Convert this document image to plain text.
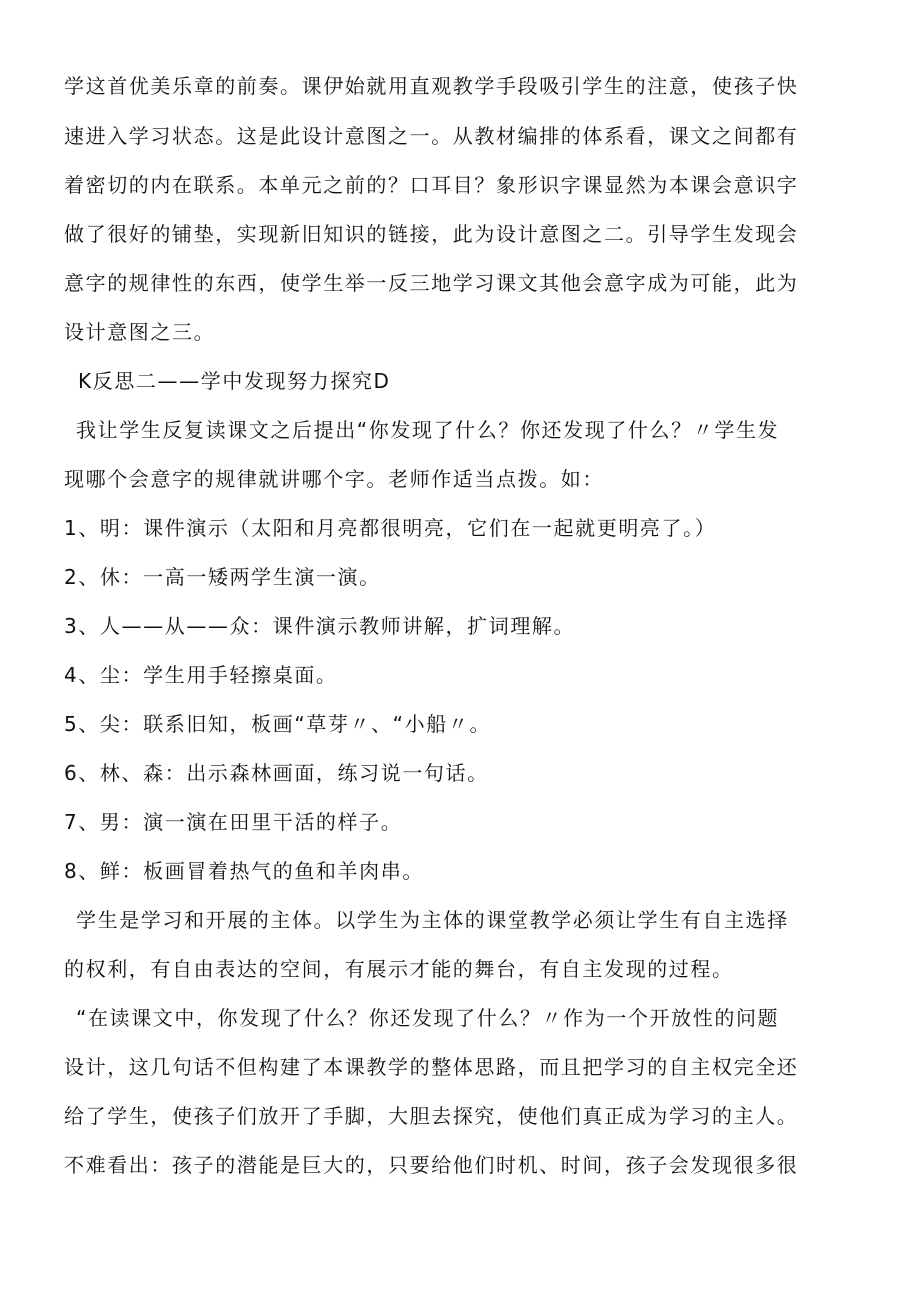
学这首优美乐章的前奏。课伊始就用直观教学手段吸引学生的注意，使孩子快
速进入学习状态。这是此设计意图之一。从教材编排的体系看，课文之间都有
着密切的内在联系。本单元之前的？口耳目？象形识字课显然为本课会意识字
做了很好的铺垫，实现新旧知识的链接，此为设计意图之二。引导学生发现会
意字的规律性的东西，使学生举一反三地学习课文其他会意字成为可能，此为
设计意图之三。
K反思二——学中发现努力探究D
我让学生反复读课文之后提出“你发现了什么？你还发现了什么？〃学生发
现哪个会意字的规律就讲哪个字。老师作适当点拨。如：
1、明：课件演示（太阳和月亮都很明亮，它们在一起就更明亮了。）
2、休：一高一矮两学生演一演。
3、人——从——众：课件演示教师讲解，扩词理解。
4、尘：学生用手轻擦桌面。
5、尖：联系旧知，板画“草芽〃、“小船〃。
6、林、森：出示森林画面，练习说一句话。
7、男：演一演在田里干活的样子。
8、鲜：板画冒着热气的鱼和羊肉串。
学生是学习和开展的主体。以学生为主体的课堂教学必须让学生有自主选择
的权利，有自由表达的空间，有展示才能的舞台，有自主发现的过程。
“在读课文中，你发现了什么？你还发现了什么？〃作为一个开放性的问题
设计，这几句话不但构建了本课教学的整体思路，而且把学习的自主权完全还
给了学生，使孩子们放开了手脚，大胆去探究，使他们真正成为学习的主人。
不难看出：孩子的潜能是巨大的，只要给他们时机、时间，孩子会发现很多很
